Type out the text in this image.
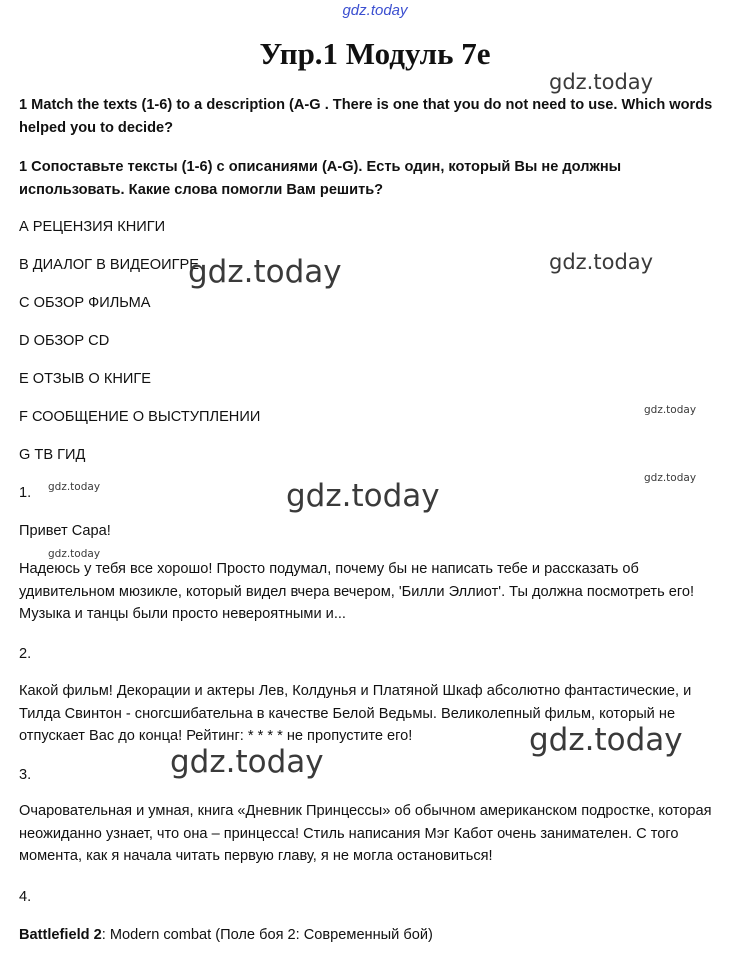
gdz.today
Упр.1 Модуль 7e
1 Match the texts (1-6) to a description (A-G . There is one that you do not need to use. Which words helped you to decide?
1 Сопоставьте тексты (1-6) с описаниями (A-G). Есть один, который Вы не должны использовать. Какие слова помогли Вам решить?
А РЕЦЕНЗИЯ КНИГИ
В ДИАЛОГ В ВИДЕОИГРЕ
С ОБЗОР ФИЛЬМА
D ОБЗОР CD
Е ОТЗЫВ О КНИГЕ
F СООБЩЕНИЕ О ВЫСТУПЛЕНИИ
G ТВ ГИД
1.
Привет Сара!
Надеюсь у тебя все хорошо! Просто подумал, почему бы не написать тебе и рассказать об удивительном мюзикле, который видел вчера вечером, 'Билли Эллиот'. Ты должна посмотреть его! Музыка и танцы были просто невероятными и...
2.
Какой фильм! Декорации и актеры Лев, Колдунья и Платяной Шкаф абсолютно фантастические, и Тилда Свинтон - сногсшибательна в качестве Белой Ведьмы. Великолепный фильм, который не отпускает Вас до конца! Рейтинг: * * * * не пропустите его!
3.
Очаровательная и умная, книга «Дневник Принцессы» об обычном американском подростке, которая неожиданно узнает, что она – принцесса! Стиль написания Мэг Кабот очень занимателен. С того момента, как я начала читать первую главу, я не могла остановиться!
4.
Battlefield 2: Modern combat (Поле боя 2: Современный бой)
gdz.today
gdz.today	gdz.today
gdz.today
gdz.today
gdz.today	gdz.today
gdz.today
gdz.today
gdz.today
